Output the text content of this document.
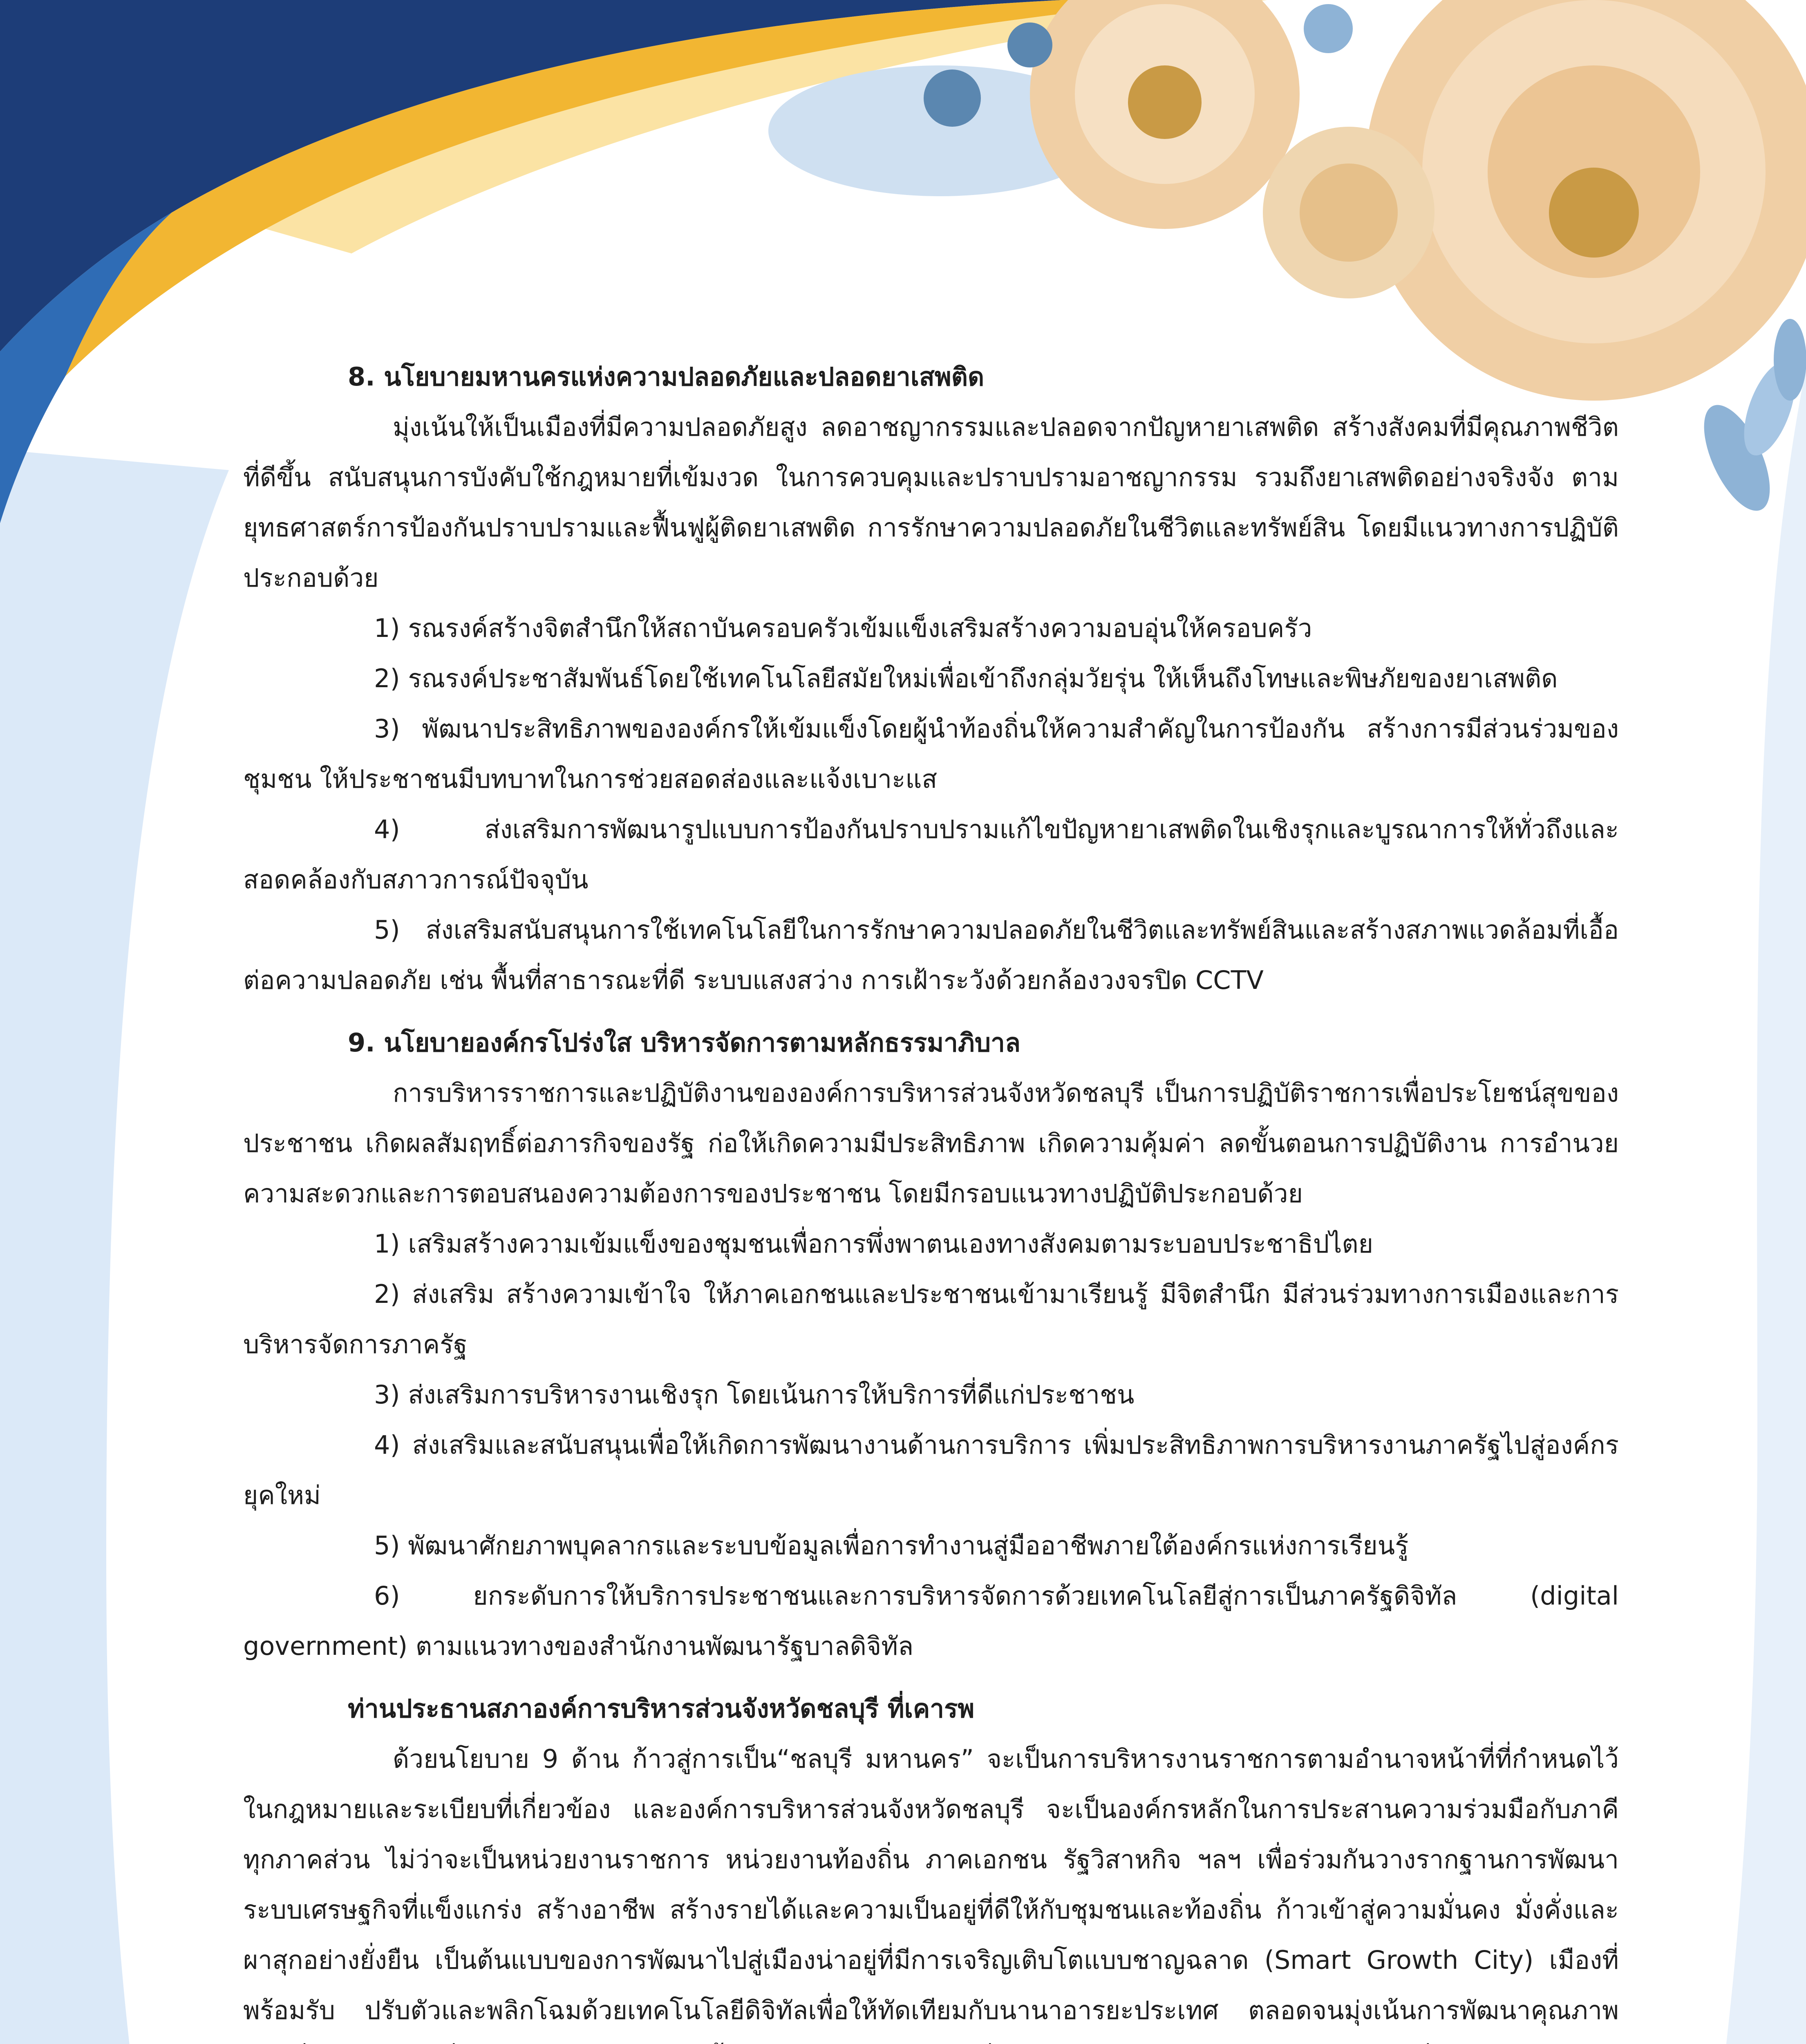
8. นโยบายมหานครแห่งความปลอดภัยและปลอดยาเสพติด

มุ่งเน้นให้เป็นเมืองที่มีความปลอดภัยสูง ลดอาชญากรรมและปลอดจากปัญหายาเสพติด สร้างสังคมที่มีคุณภาพชีวิตที่ดีขึ้น สนับสนุนการบังคับใช้กฎหมายที่เข้มงวด ในการควบคุมและปราบปรามอาชญากรรม รวมถึงยาเสพติดอย่างจริงจัง ตามยุทธศาสตร์การป้องกันปราบปรามและฟื้นฟูผู้ติดยาเสพติด การรักษาความปลอดภัยในชีวิตและทรัพย์สิน โดยมีแนวทางการปฏิบัติ ประกอบด้วย

1) รณรงค์สร้างจิตสำนึกให้สถาบันครอบครัวเข้มแข็งเสริมสร้างความอบอุ่นให้ครอบครัว

2) รณรงค์ประชาสัมพันธ์โดยใช้เทคโนโลยีสมัยใหม่เพื่อเข้าถึงกลุ่มวัยรุ่น ให้เห็นถึงโทษและพิษภัยของยาเสพติด

3) พัฒนาประสิทธิภาพขององค์กรให้เข้มแข็งโดยผู้นำท้องถิ่นให้ความสำคัญในการป้องกัน สร้างการมีส่วนร่วมของชุมชน ให้ประชาชนมีบทบาทในการช่วยสอดส่องและแจ้งเบาะแส

4) ส่งเสริมการพัฒนารูปแบบการป้องกันปราบปรามแก้ไขปัญหายาเสพติดในเชิงรุกและบูรณาการให้ทั่วถึงและสอดคล้องกับสภาวการณ์ปัจจุบัน

5) ส่งเสริมสนับสนุนการใช้เทคโนโลยีในการรักษาความปลอดภัยในชีวิตและทรัพย์สินและสร้างสภาพแวดล้อมที่เอื้อต่อความปลอดภัย เช่น พื้นที่สาธารณะที่ดี ระบบแสงสว่าง การเฝ้าระวังด้วยกล้องวงจรปิด CCTV

9. นโยบายองค์กรโปร่งใส บริหารจัดการตามหลักธรรมาภิบาล

การบริหารราชการและปฏิบัติงานขององค์การบริหารส่วนจังหวัดชลบุรี เป็นการปฏิบัติราชการเพื่อประโยชน์สุขของประชาชน เกิดผลสัมฤทธิ์ต่อภารกิจของรัฐ ก่อให้เกิดความมีประสิทธิภาพ เกิดความคุ้มค่า ลดขั้นตอนการปฏิบัติงาน การอำนวยความสะดวกและการตอบสนองความต้องการของประชาชน โดยมีกรอบแนวทางปฏิบัติประกอบด้วย

1) เสริมสร้างความเข้มแข็งของชุมชนเพื่อการพึ่งพาตนเองทางสังคมตามระบอบประชาธิปไตย

2) ส่งเสริม สร้างความเข้าใจ ให้ภาคเอกชนและประชาชนเข้ามาเรียนรู้ มีจิตสำนึก มีส่วนร่วมทางการเมืองและการบริหารจัดการภาครัฐ

3) ส่งเสริมการบริหารงานเชิงรุก โดยเน้นการให้บริการที่ดีแก่ประชาชน

4) ส่งเสริมและสนับสนุนเพื่อให้เกิดการพัฒนางานด้านการบริการ เพิ่มประสิทธิภาพการบริหารงานภาครัฐไปสู่องค์กรยุคใหม่

5) พัฒนาศักยภาพบุคลากรและระบบข้อมูลเพื่อการทำงานสู่มืออาชีพภายใต้องค์กรแห่งการเรียนรู้

6) ยกระดับการให้บริการประชาชนและการบริหารจัดการด้วยเทคโนโลยีสู่การเป็นภาครัฐดิจิทัล (digital government) ตามแนวทางของสำนักงานพัฒนารัฐบาลดิจิทัล

ท่านประธานสภาองค์การบริหารส่วนจังหวัดชลบุรี ที่เคารพ

ด้วยนโยบาย 9 ด้าน ก้าวสู่การเป็น“ชลบุรี มหานคร” จะเป็นการบริหารงานราชการตามอำนาจหน้าที่ที่กำหนดไว้ในกฎหมายและระเบียบที่เกี่ยวข้อง และองค์การบริหารส่วนจังหวัดชลบุรี จะเป็นองค์กรหลักในการประสานความร่วมมือกับภาคีทุกภาคส่วน ไม่ว่าจะเป็นหน่วยงานราชการ หน่วยงานท้องถิ่น ภาคเอกชน รัฐวิสาหกิจ ฯลฯ เพื่อร่วมกันวางรากฐานการพัฒนาระบบเศรษฐกิจที่แข็งแกร่ง สร้างอาชีพ สร้างรายได้และความเป็นอยู่ที่ดีให้กับชุมชนและท้องถิ่น ก้าวเข้าสู่ความมั่นคง มั่งคั่งและผาสุกอย่างยั่งยืน เป็นต้นแบบของการพัฒนาไปสู่เมืองน่าอยู่ที่มีการเจริญเติบโตแบบชาญฉลาด (Smart Growth City) เมืองที่พร้อมรับ ปรับตัวและพลิกโฉมด้วยเทคโนโลยีดิจิทัลเพื่อให้ทัดเทียมกับนานาอารยะประเทศ ตลอดจนมุ่งเน้นการพัฒนาคุณภาพ
